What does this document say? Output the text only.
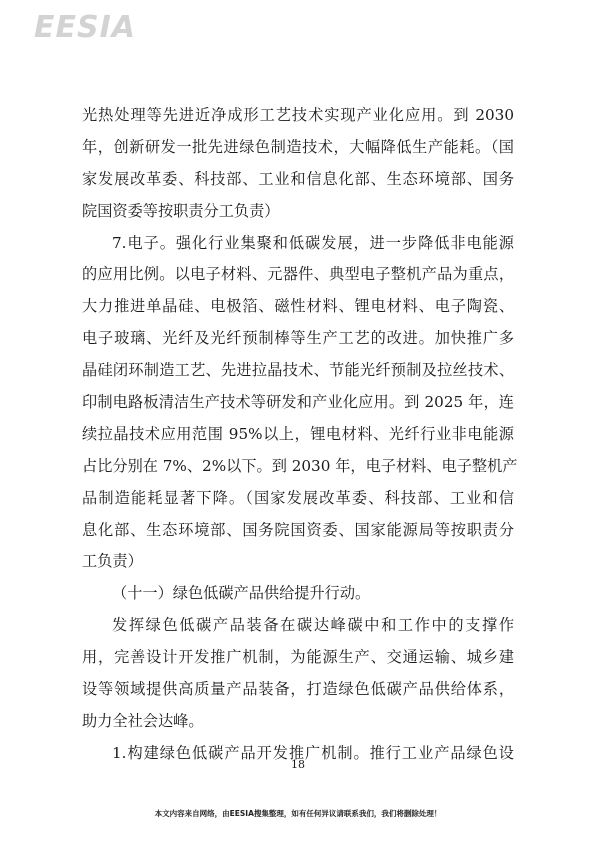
EESIA
光热处理等先进近净成形工艺技术实现产业化应用。到 2030
年，创新研发一批先进绿色制造技术，大幅降低生产能耗。（国
家发展改革委、科技部、工业和信息化部、生态环境部、国务
院国资委等按职责分工负责）
7.电子。强化行业集聚和低碳发展，进一步降低非电能源
的应用比例。以电子材料、元器件、典型电子整机产品为重点，
大力推进单晶硅、电极箔、磁性材料、锂电材料、电子陶瓷、
电子玻璃、光纤及光纤预制棒等生产工艺的改进。加快推广多
晶硅闭环制造工艺、先进拉晶技术、节能光纤预制及拉丝技术、
印制电路板清洁生产技术等研发和产业化应用。到 2025 年，连
续拉晶技术应用范围 95%以上，锂电材料、光纤行业非电能源
占比分别在 7%、2%以下。到 2030 年，电子材料、电子整机产
品制造能耗显著下降。（国家发展改革委、科技部、工业和信
息化部、生态环境部、国务院国资委、国家能源局等按职责分
工负责）
（十一）绿色低碳产品供给提升行动。
发挥绿色低碳产品装备在碳达峰碳中和工作中的支撑作
用，完善设计开发推广机制，为能源生产、交通运输、城乡建
设等领域提供高质量产品装备，打造绿色低碳产品供给体系，
助力全社会达峰。
1.构建绿色低碳产品开发推广机制。推行工业产品绿色设
18
本文内容来自网络，由EESIA搜集整理，如有任何异议请联系我们，我们将删除处理！
